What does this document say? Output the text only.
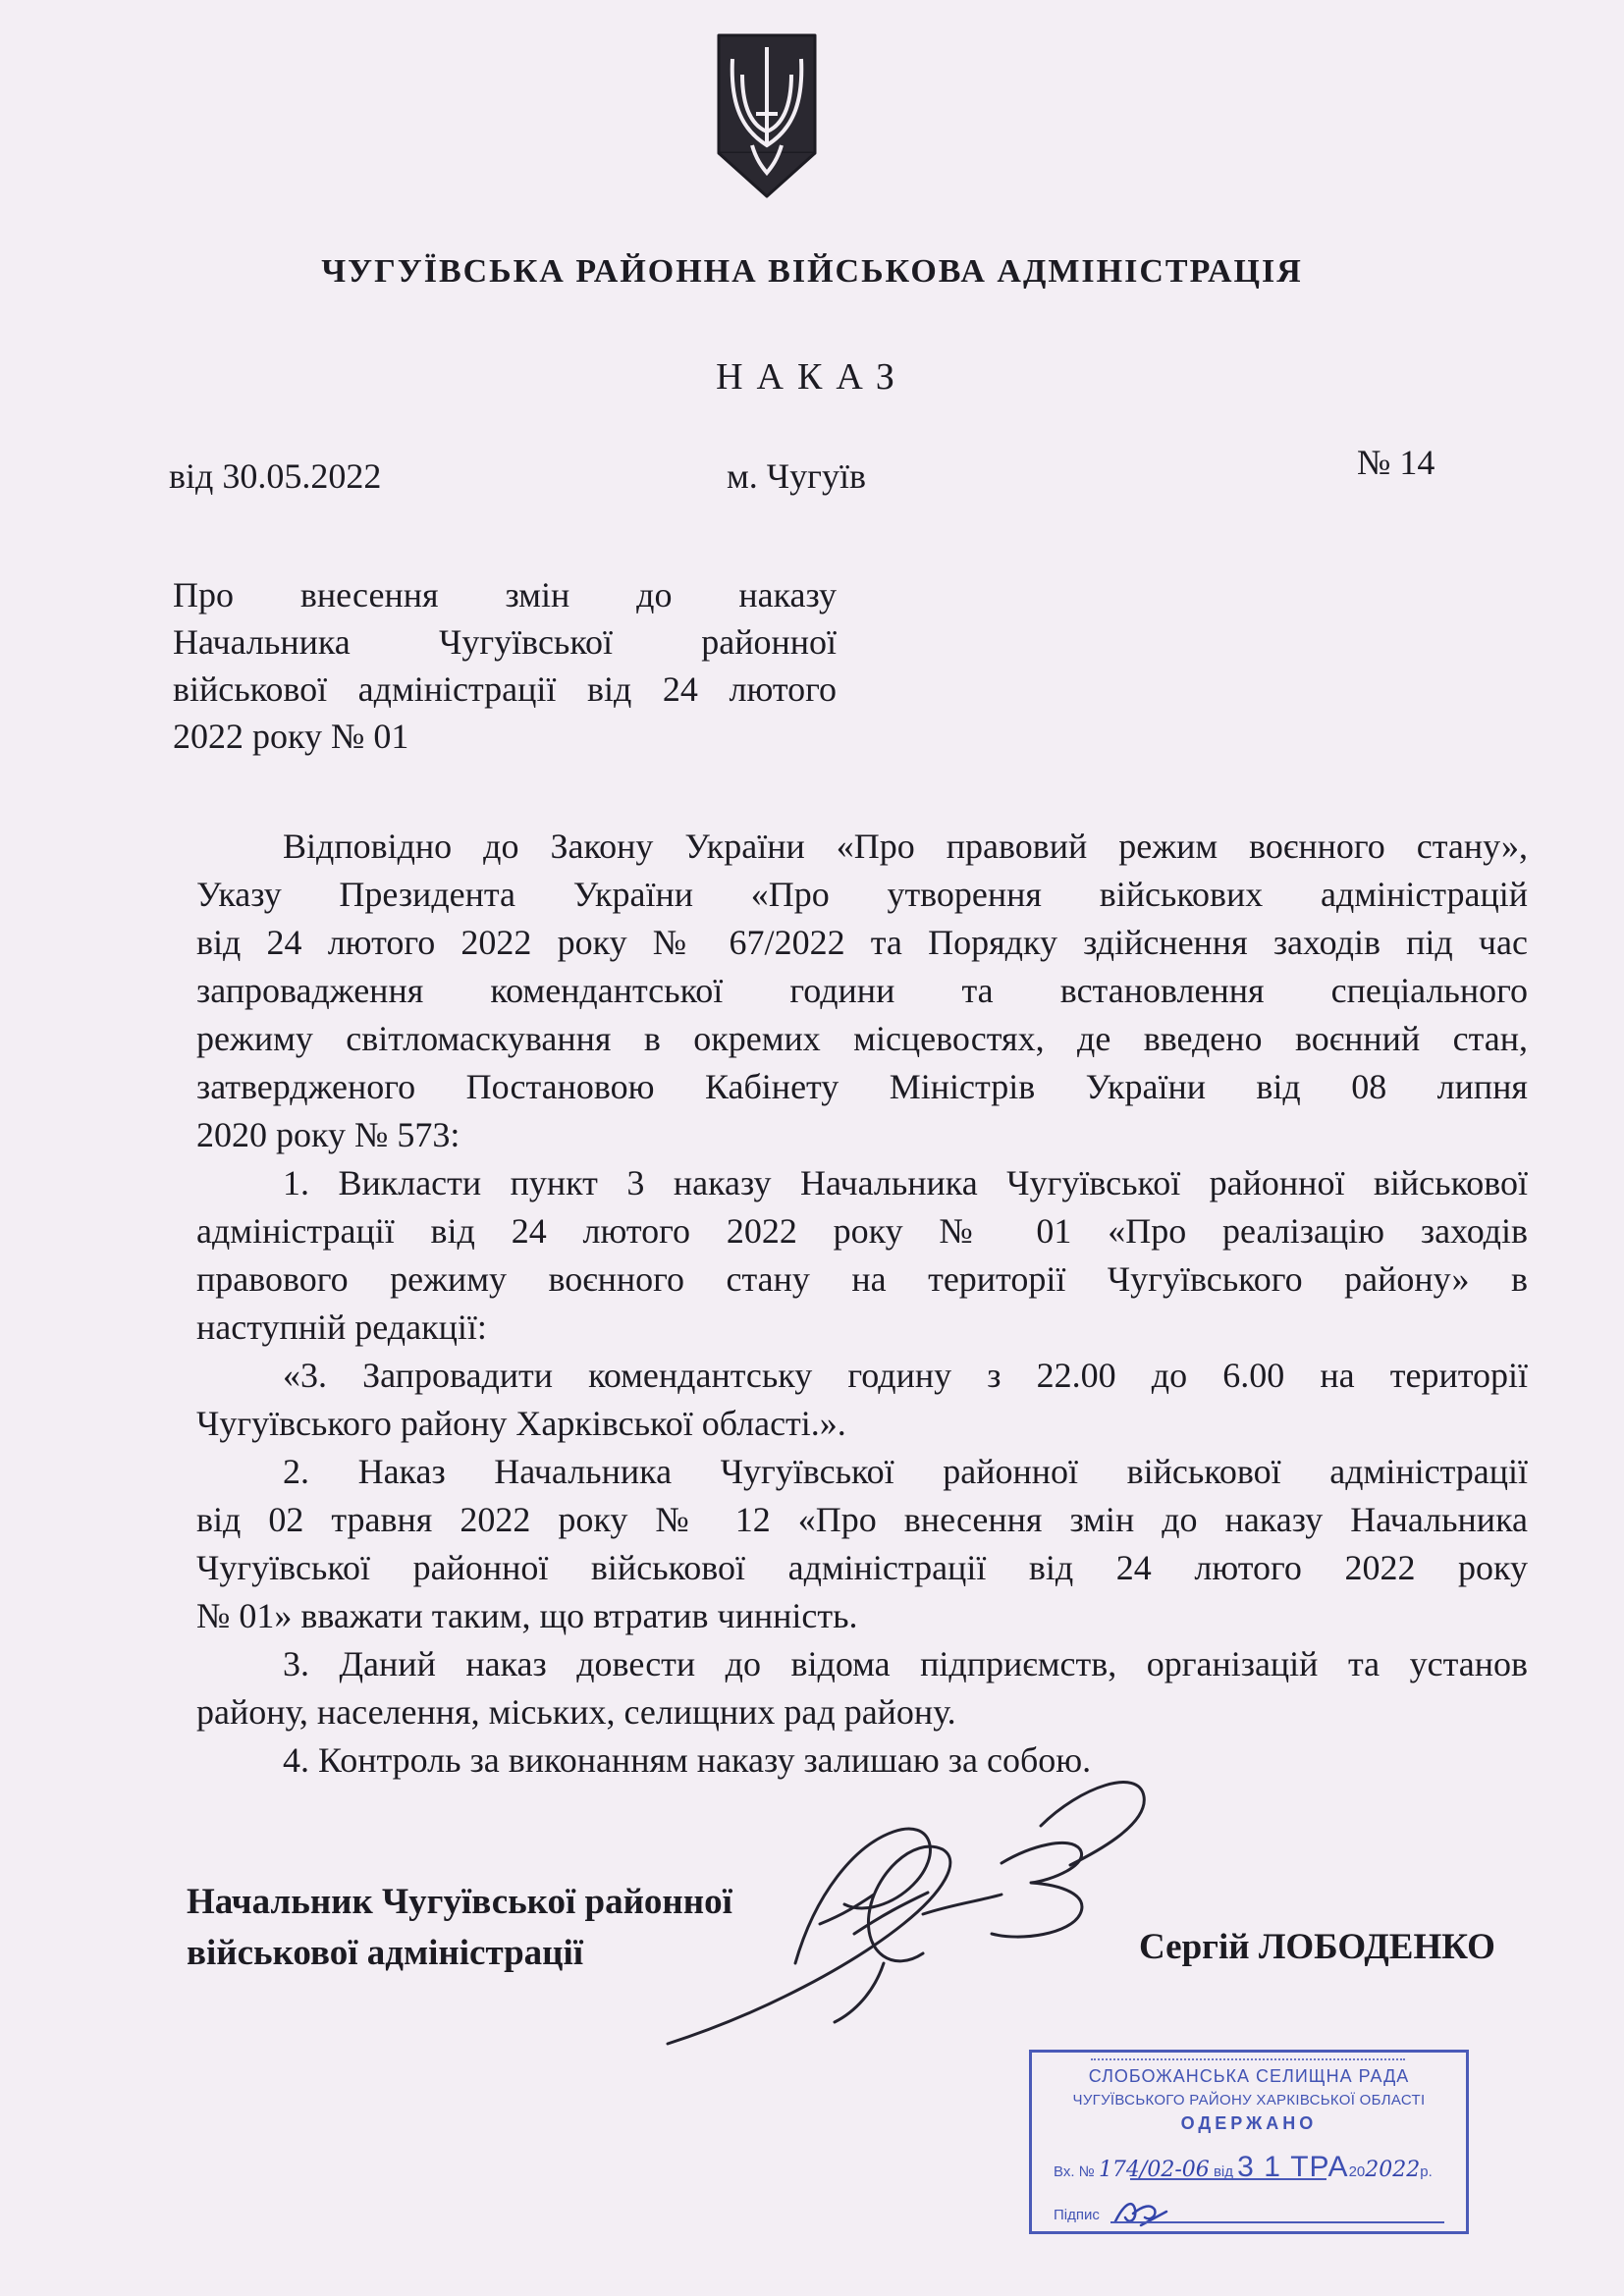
ЧУГУЇВСЬКА РАЙОННА ВІЙСЬКОВА АДМІНІСТРАЦІЯ
НАКАЗ
від 30.05.2022	м. Чугуїв	№ 14
Про внесення змін до наказу
Начальника Чугуївської районної
військової адміністрації від 24 лютого
2022 року № 01
Відповідно до Закону України «Про правовий режим воєнного стану»,
Указу Президента України «Про утворення військових адміністрацій
від 24 лютого 2022 року № 67/2022 та Порядку здійснення заходів під час
запровадження комендантської години та встановлення спеціального
режиму світломаскування в окремих місцевостях, де введено воєнний стан,
затвердженого Постановою Кабінету Міністрів України від 08 липня
2020 року № 573:
1. Викласти пункт 3 наказу Начальника Чугуївської районної військової
адміністрації від 24 лютого 2022 року № 01 «Про реалізацію заходів
правового режиму воєнного стану на території Чугуївського району» в
наступній редакції:
«3. Запровадити комендантську годину з 22.00 до 6.00 на території
Чугуївського району Харківської області.».
2. Наказ Начальника Чугуївської районної військової адміністрації
від 02 травня 2022 року № 12 «Про внесення змін до наказу Начальника
Чугуївської районної військової адміністрації від 24 лютого 2022 року
№ 01» вважати таким, що втратив чинність.
3. Даний наказ довести до відома підприємств, організацій та установ
району, населення, міських, селищних рад району.
4. Контроль за виконанням наказу залишаю за собою.
Начальник Чугуївської районної
військової адміністрації	Сергій ЛОБОДЕНКО
СЛОБОЖАНСЬКА СЕЛИЩНА РАДА
ЧУГУЇВСЬКОГО РАЙОНУ ХАРКІВСЬКОЇ ОБЛАСТІ
ОДЕРЖАНО
Вх. № 174/02-06 від 3 1 ТРА202022р.
Підпис
